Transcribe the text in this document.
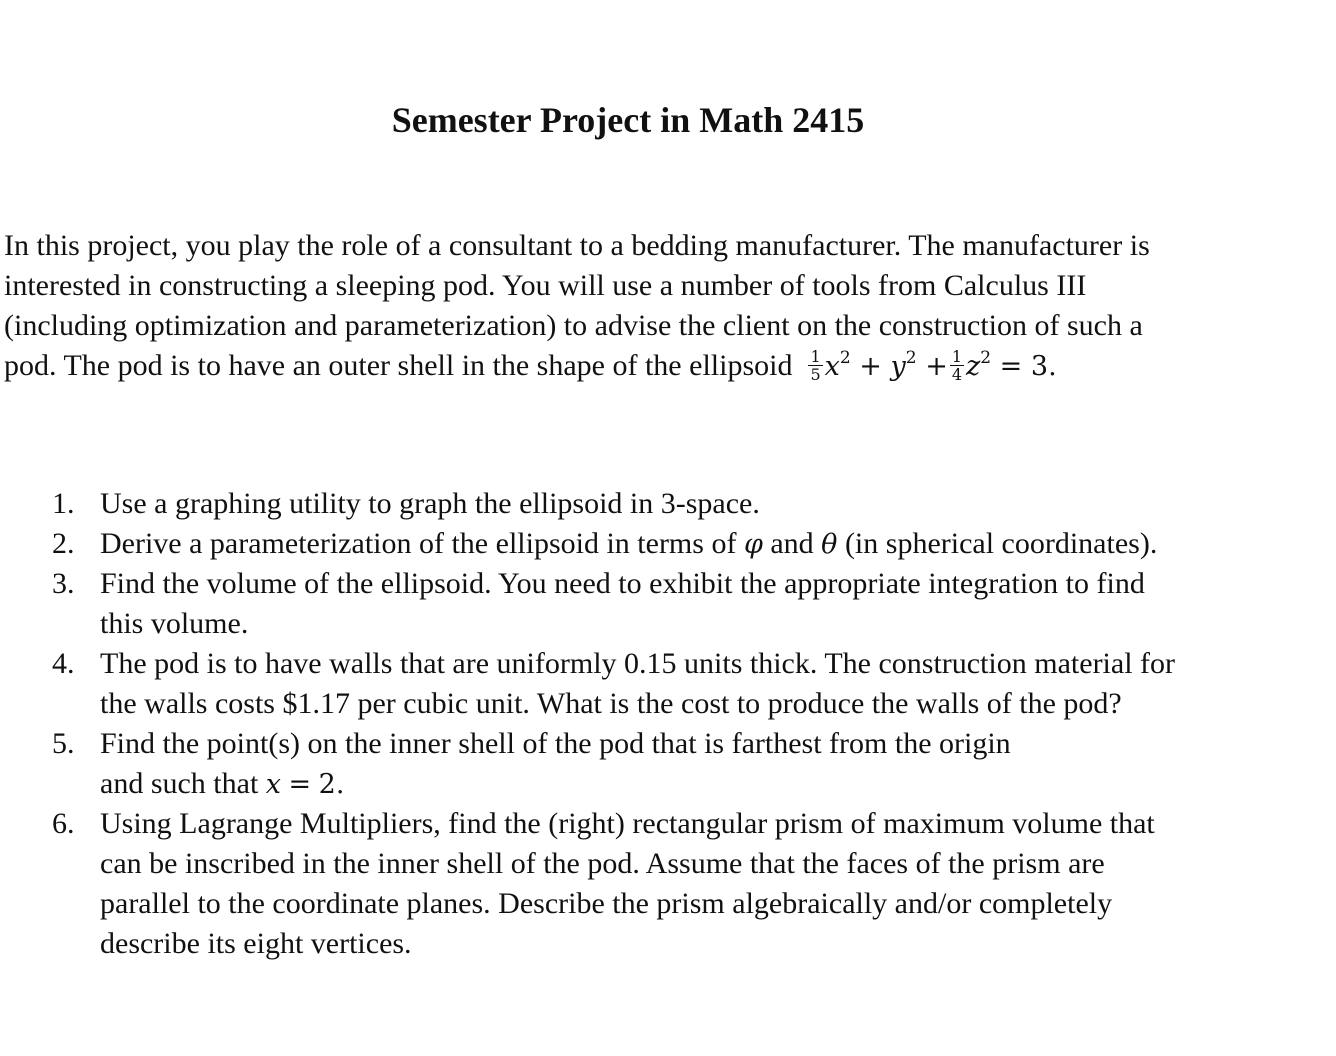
Semester Project in Math 2415
In this project, you play the role of a consultant to a bedding manufacturer. The manufacturer is
interested in constructing a sleeping pod. You will use a number of tools from Calculus III
(including optimization and parameterization) to advise the client on the construction of such a
pod. The pod is to have an outer shell in the shape of the ellipsoid $\frac{1}{5} x^2 + y^2 + \frac{1}{4} z^2 = 3$.
1. Use a graphing utility to graph the ellipsoid in 3-space.
2. Derive a parameterization of the ellipsoid in terms of φ and θ (in spherical coordinates).
3. Find the volume of the ellipsoid. You need to exhibit the appropriate integration to find
this volume.
4. The pod is to have walls that are uniformly 0.15 units thick. The construction material for
the walls costs $1.17 per cubic unit. What is the cost to produce the walls of the pod?
5. Find the point(s) on the inner shell of the pod that is farthest from the origin
and such that x = 2.
6. Using Lagrange Multipliers, find the (right) rectangular prism of maximum volume that
can be inscribed in the inner shell of the pod. Assume that the faces of the prism are
parallel to the coordinate planes. Describe the prism algebraically and/or completely
describe its eight vertices.
